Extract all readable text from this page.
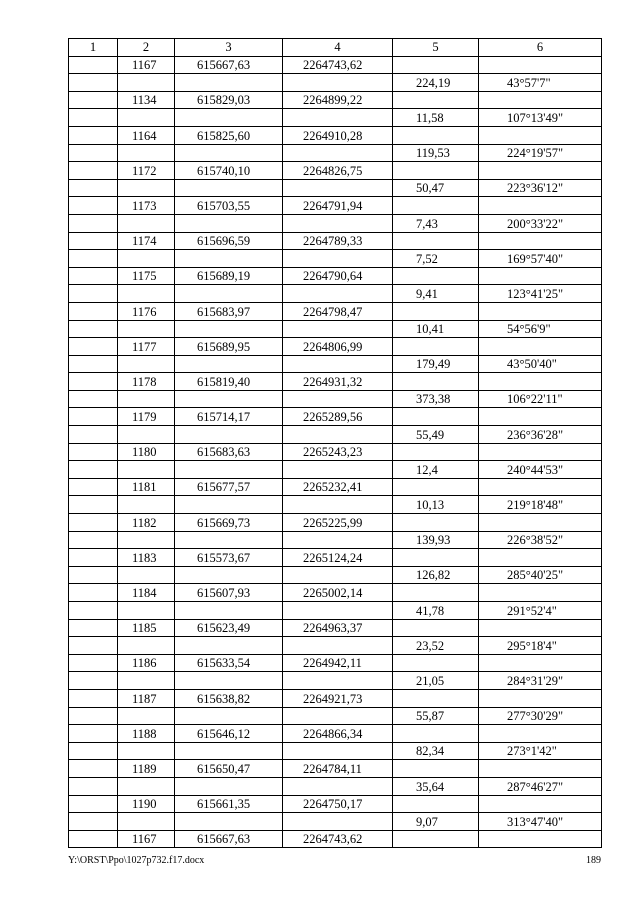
1	2	3	4	5	6
	1167	615667,63	2264743,62		
				224,19	43°57'7"
	1134	615829,03	2264899,22		
				11,58	107°13'49"
	1164	615825,60	2264910,28		
				119,53	224°19'57"
	1172	615740,10	2264826,75		
				50,47	223°36'12"
	1173	615703,55	2264791,94		
				7,43	200°33'22"
	1174	615696,59	2264789,33		
				7,52	169°57'40"
	1175	615689,19	2264790,64		
				9,41	123°41'25"
	1176	615683,97	2264798,47		
				10,41	54°56'9"
	1177	615689,95	2264806,99		
				179,49	43°50'40"
	1178	615819,40	2264931,32		
				373,38	106°22'11"
	1179	615714,17	2265289,56		
				55,49	236°36'28"
	1180	615683,63	2265243,23		
				12,4	240°44'53"
	1181	615677,57	2265232,41		
				10,13	219°18'48"
	1182	615669,73	2265225,99		
				139,93	226°38'52"
	1183	615573,67	2265124,24		
				126,82	285°40'25"
	1184	615607,93	2265002,14		
				41,78	291°52'4"
	1185	615623,49	2264963,37		
				23,52	295°18'4"
	1186	615633,54	2264942,11		
				21,05	284°31'29"
	1187	615638,82	2264921,73		
				55,87	277°30'29"
	1188	615646,12	2264866,34		
				82,34	273°1'42"
	1189	615650,47	2264784,11		
				35,64	287°46'27"
	1190	615661,35	2264750,17		
				9,07	313°47'40"
	1167	615667,63	2264743,62		
Y:\ORST\Ppo\1027p732.f17.docx	189
